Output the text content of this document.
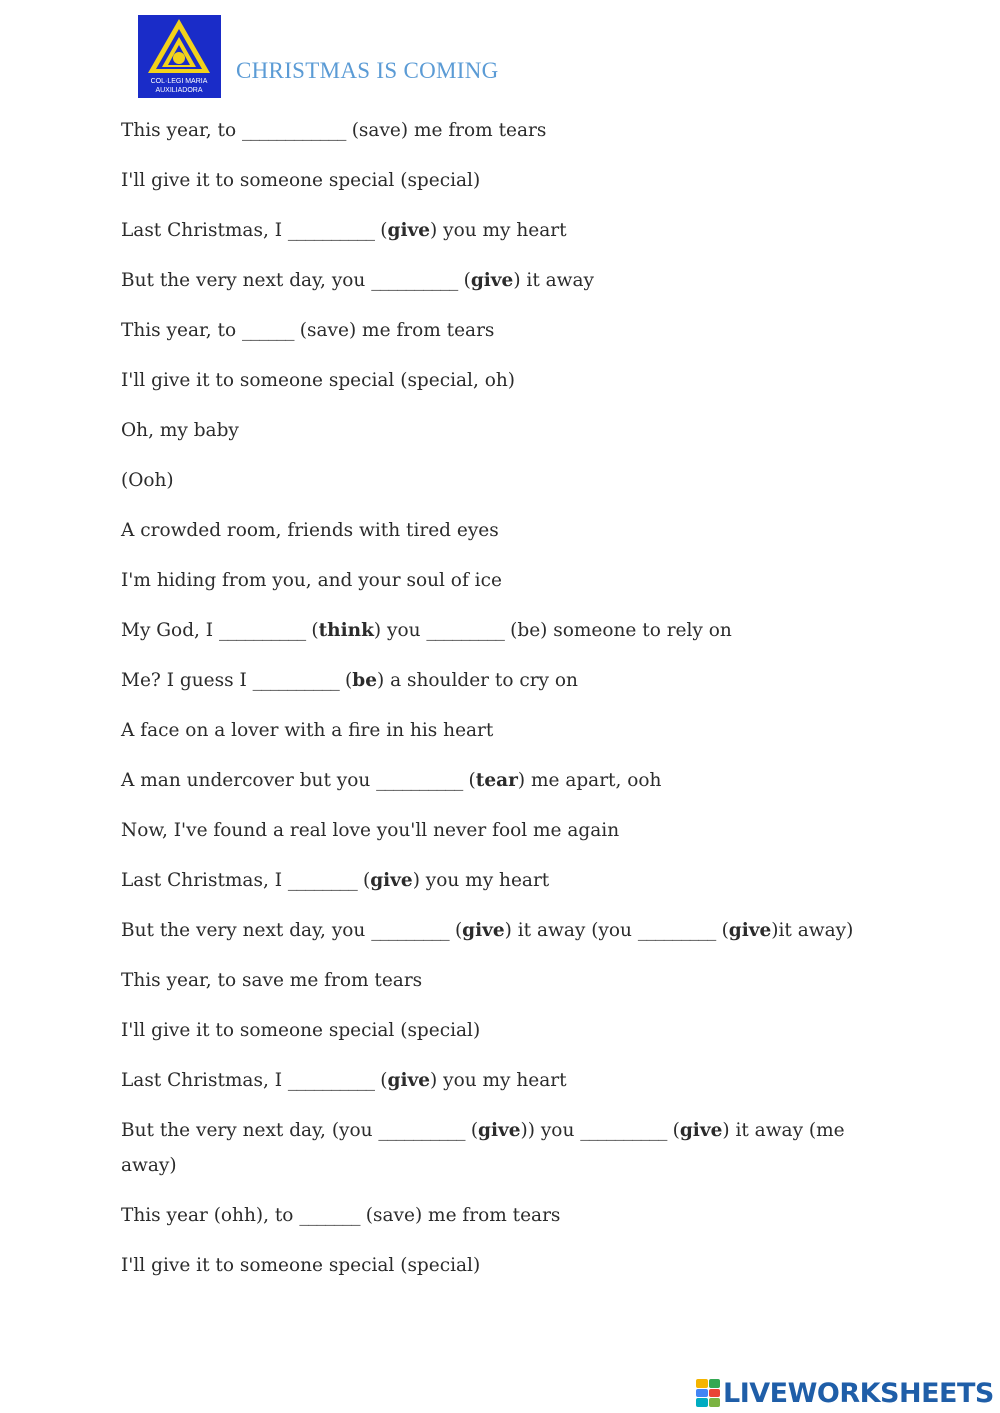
COL·LEGI MARIA
AUXILIADORA
CHRISTMAS IS COMING
This year, to ____________ (save) me from tears
I'll give it to someone special (special)
Last Christmas, I __________ (give) you my heart
But the very next day, you __________ (give) it away
This year, to ______ (save) me from tears
I'll give it to someone special (special, oh)
Oh, my baby
(Ooh)
A crowded room, friends with tired eyes
I'm hiding from you, and your soul of ice
My God, I __________ (think) you _________ (be) someone to rely on
Me? I guess I __________ (be) a shoulder to cry on
A face on a lover with a fire in his heart
A man undercover but you __________ (tear) me apart, ooh
Now, I've found a real love you'll never fool me again
Last Christmas, I ________ (give) you my heart
But the very next day, you _________ (give) it away (you _________ (give)it away)
This year, to save me from tears
I'll give it to someone special (special)
Last Christmas, I __________ (give) you my heart
But the very next day, (you __________ (give)) you __________ (give) it away (me away)
This year (ohh), to _______ (save) me from tears
I'll give it to someone special (special)
LIVEWORKSHEETS
